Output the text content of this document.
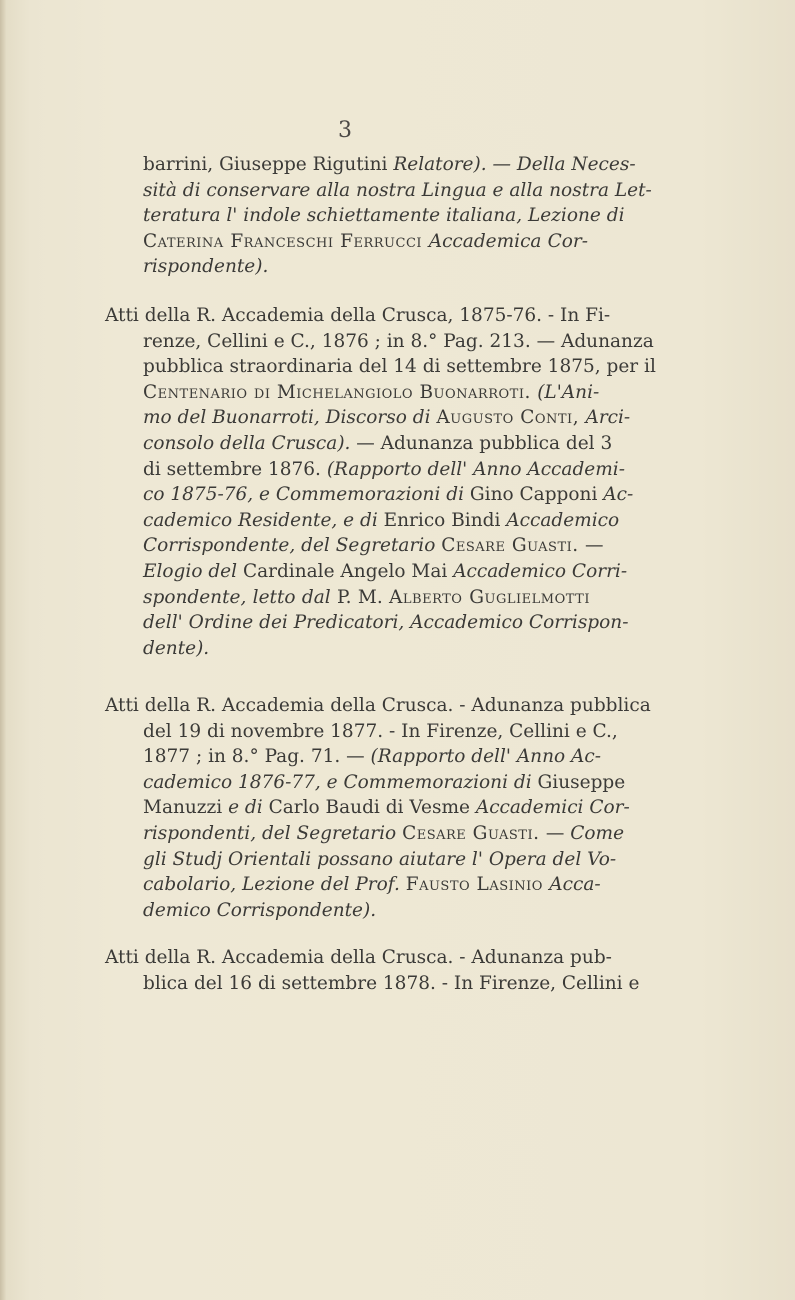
3
barrini, Giuseppe Rigutini Relatore). — Della Neces-
sità di conservare alla nostra Lingua e alla nostra Let-
teratura l' indole schiettamente italiana, Lezione di
Caterina Franceschi Ferrucci Accademica Cor-
rispondente).
Atti della R. Accademia della Crusca, 1875-76. - In Fi-
renze, Cellini e C., 1876 ; in 8.° Pag. 213. — Adunanza
pubblica straordinaria del 14 di settembre 1875, per il
Centenario di Michelangiolo Buonarroti. (L'Ani-
mo del Buonarroti, Discorso di Augusto Conti, Arci-
consolo della Crusca). — Adunanza pubblica del 3
di settembre 1876. (Rapporto dell' Anno Accademi-
co 1875-76, e Commemorazioni di Gino Capponi Ac-
cademico Residente, e di Enrico Bindi Accademico
Corrispondente, del Segretario Cesare Guasti. —
Elogio del Cardinale Angelo Mai Accademico Corri-
spondente, letto dal P. M. Alberto Guglielmotti
dell' Ordine dei Predicatori, Accademico Corrispon-
dente).
Atti della R. Accademia della Crusca. - Adunanza pubblica
del 19 di novembre 1877. - In Firenze, Cellini e C.,
1877 ; in 8.° Pag. 71. — (Rapporto dell' Anno Ac-
cademico 1876-77, e Commemorazioni di Giuseppe
Manuzzi e di Carlo Baudi di Vesme Accademici Cor-
rispondenti, del Segretario Cesare Guasti. — Come
gli Studj Orientali possano aiutare l' Opera del Vo-
cabolario, Lezione del Prof. Fausto Lasinio Acca-
demico Corrispondente).
Atti della R. Accademia della Crusca. - Adunanza pub-
blica del 16 di settembre 1878. - In Firenze, Cellini e
